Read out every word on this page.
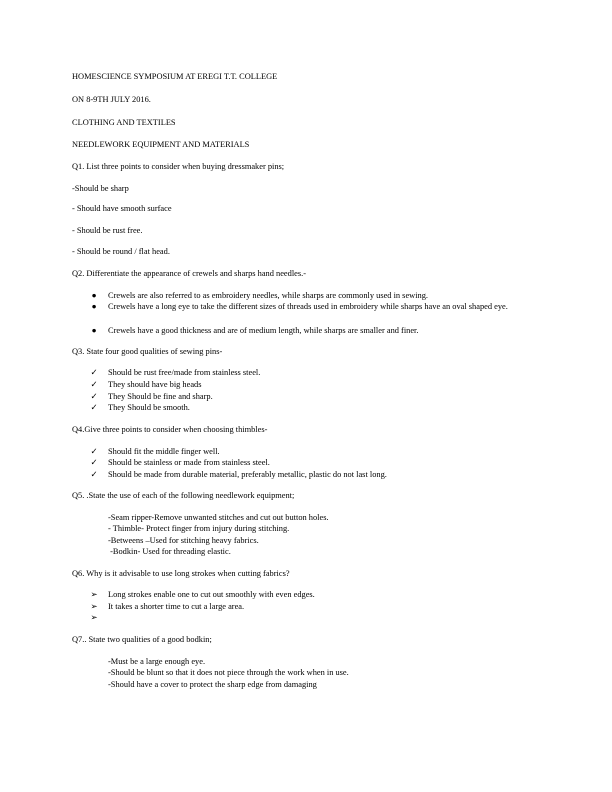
HOMESCIENCE SYMPOSIUM AT EREGI T.T. COLLEGE
ON 8-9TH JULY 2016.
CLOTHING AND TEXTILES
NEEDLEWORK EQUIPMENT AND MATERIALS
Q1. List three points to consider when buying dressmaker pins;
-Should be sharp
- Should have smooth surface
- Should be rust free.
- Should be round / flat head.
Q2. Differentiate the appearance of crewels and sharps hand needles.-
● Crewels are also referred to as embroidery needles, while sharps are commonly used in sewing.
● Crewels have a long eye to take the different sizes of threads used in embroidery while sharps have an oval shaped eye.
● Crewels have a good thickness and are of medium length, while sharps are smaller and finer.
Q3. State four good qualities of sewing pins-
✓ Should be rust free/made from stainless steel.
✓ They should have big heads
✓ They Should be fine and sharp.
✓ They Should be smooth.
Q4.Give three points to consider when choosing thimbles-
✓ Should fit the middle finger well.
✓ Should be stainless or made from stainless steel.
✓ Should be made from durable material, preferably metallic, plastic do not last long.
Q5. .State the use of each of the following needlework equipment;
-Seam ripper-Remove unwanted stitches and cut out button holes.
- Thimble- Protect finger from injury during stitching.
-Betweens –Used for stitching heavy fabrics.
-Bodkin- Used for threading elastic.
Q6. Why is it advisable to use long strokes when cutting fabrics?
➢ Long strokes enable one to cut out smoothly with even edges.
➢ It takes a shorter time to cut a large area.
➢
Q7.. State two qualities of a good bodkin;
-Must be a large enough eye.
-Should be blunt so that it does not piece through the work when in use.
-Should have a cover to protect the sharp edge from damaging
